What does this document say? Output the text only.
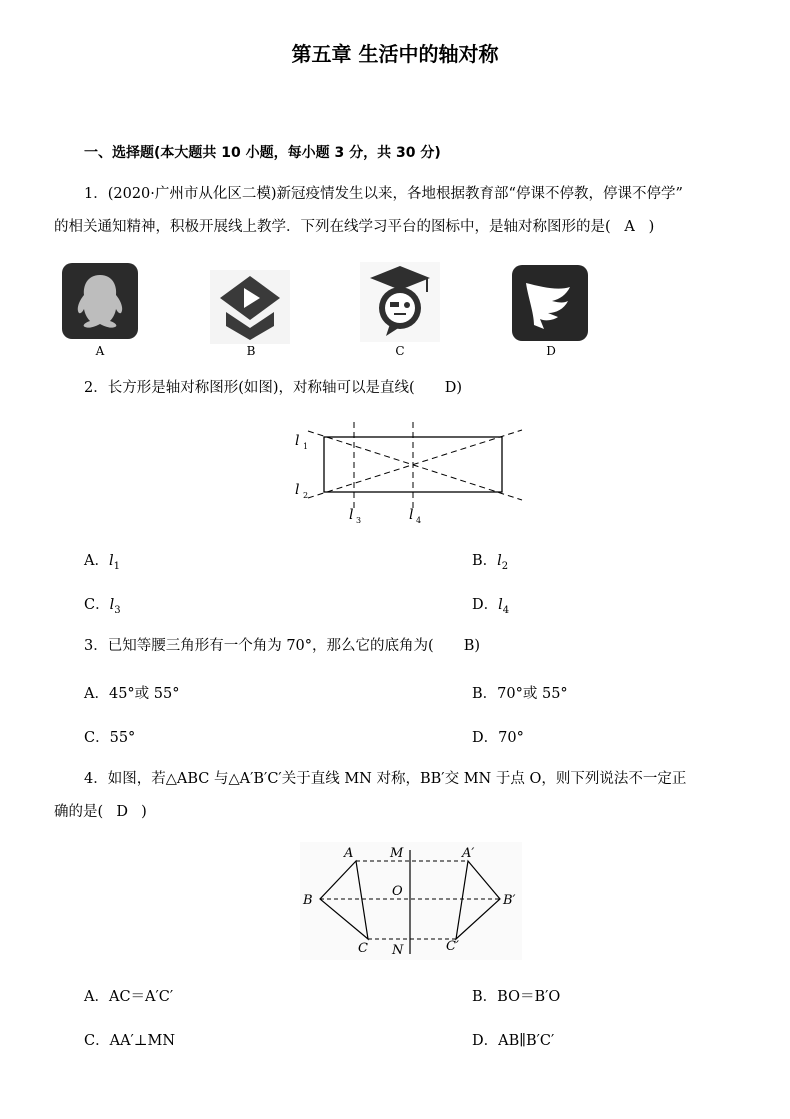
第五章 生活中的轴对称
一、选择题(本大题共 10 小题，每小题 3 分，共 30 分)
1．(2020·广州市从化区二模)新冠疫情发生以来，各地根据教育部“停课不停教，停课不停学”
的相关通知精神，积极开展线上教学．下列在线学习平台的图标中，是轴对称图形的是( A )
A	B	C	D
2．长方形是轴对称图形(如图)，对称轴可以是直线( D)
l 1
l 2
l 3	l 4
A．$l_1$	B．$l_2$
C．$l_3$	D．$l_4$
3．已知等腰三角形有一个角为 70°，那么它的底角为( B)
A．45°或 55°	B．70°或 55°
C．55°	D．70°
4．如图，若△ABC 与△A′B′C′关于直线 MN 对称，BB′交 MN 于点 O，则下列说法不一定正
确的是( D )
A	M	A′
B
O
B′
C N	C′
A．AC＝A′C′	B．BO＝B′O
C．AA′⊥MN	D．AB∥B′C′
